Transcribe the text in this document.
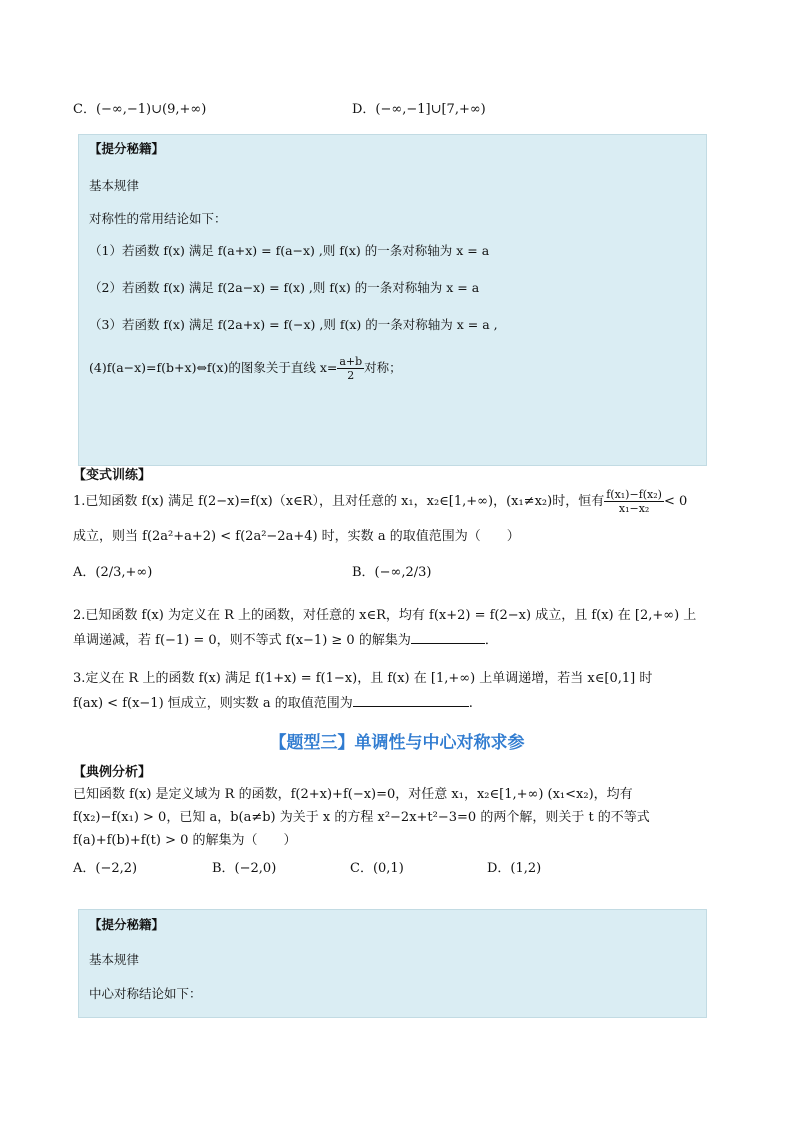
C．(−∞,−1)∪(9,+∞)	D．(−∞,−1]∪[7,+∞)
【提分秘籍】
基本规律
对称性的常用结论如下：
（1）若函数 f(x) 满足 f(a+x) = f(a−x) ,则 f(x) 的一条对称轴为 x = a
（2）若函数 f(x) 满足 f(2a−x) = f(x) ,则 f(x) 的一条对称轴为 x = a
（3）若函数 f(x) 满足 f(2a+x) = f(−x) ,则 f(x) 的一条对称轴为 x = a ,
(4)f(a−x)=f(b+x)⇔f(x)的图象关于直线 $x= \frac{a+b}{2}$ 对称；
【变式训练】
1.已知函数 f(x) 满足 f(2−x)=f(x)（x∈R），且对任意的 x₁，x₂∈[1,+∞)，(x₁≠x₂)时，恒有 $\frac{\text{f(x₁)−f(x₂)}}{\text{x₁−x₂}} < 0$
成立，则当 f(2a²+a+2) < f(2a²−2a+4) 时，实数 a 的取值范围为（　　）
A．(2/3,+∞)	B．(−∞,2/3)
2.已知函数 f(x) 为定义在 R 上的函数，对任意的 x∈R，均有 f(x+2) = f(2−x) 成立，且 f(x) 在 [2,+∞) 上
单调递减，若 f(−1) = 0，则不等式 f(x−1) ≥ 0 的解集为	．
3.定义在 R 上的函数 f(x) 满足 f(1+x) = f(1−x)，且 f(x) 在 [1,+∞) 上单调递增，若当 x∈[0,1] 时
f(ax) < f(x−1) 恒成立，则实数 a 的取值范围为	.
【题型三】单调性与中心对称求参
【典例分析】
已知函数 f(x) 是定义域为 R 的函数，f(2+x)+f(−x)=0，对任意 x₁，x₂∈[1,+∞) (x₁<x₂)，均有
f(x₂)−f(x₁) > 0，已知 a，b(a≠b) 为关于 x 的方程 x²−2x+t²−3=0 的两个解，则关于 t 的不等式
f(a)+f(b)+f(t) > 0 的解集为（　　）
A．(−2,2)	B．(−2,0)	C．(0,1)	D．(1,2)
【提分秘籍】
基本规律
中心对称结论如下：
